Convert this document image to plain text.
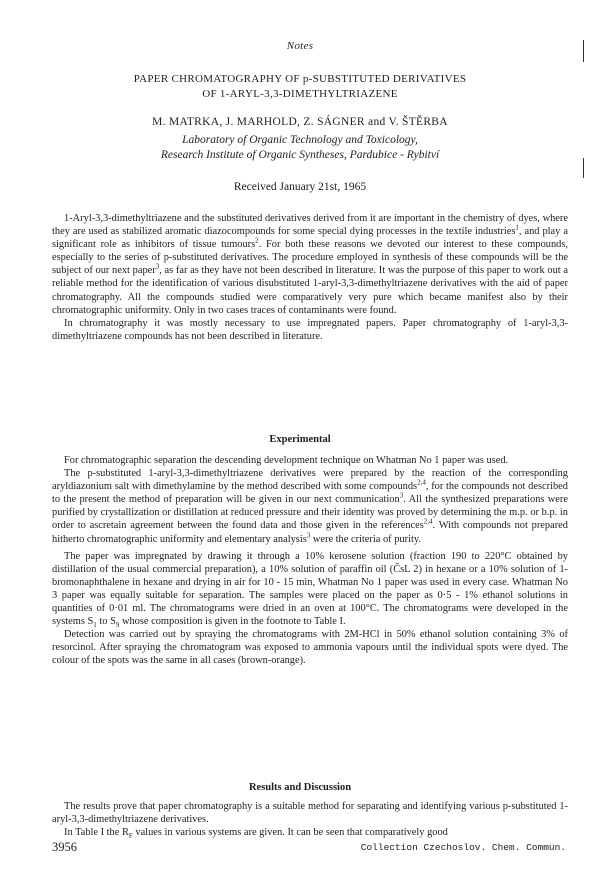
Notes
PAPER CHROMATOGRAPHY OF p-SUBSTITUTED DERIVATIVES
OF 1-ARYL-3,3-DIMETHYLTRIAZENE
M. MATRKA, J. MARHOLD, Z. SÁGNER and V. ŠTĚRBA
Laboratory of Organic Technology and Toxicology,
Research Institute of Organic Syntheses, Pardubice - Rybitví
Received January 21st, 1965

1-Aryl-3,3-dimethyltriazene and the substituted derivatives derived from it are important in the chemistry of dyes, where they are used as stabilized aromatic diazocompounds for some special dying processes in the textile industries$^1$, and play a significant role as inhibitors of tissue tumours$^2$. For both these reasons we devoted our interest to these compounds, especially to the series of p-substituted derivatives. The procedure employed in synthesis of these compounds will be the subject of our next paper$^3$, as far as they have not been described in literature. It was the purpose of this paper to work out a reliable method for the identification of various disubstituted 1-aryl-3,3-dimethyltriazene derivatives with the aid of paper chromatography. All the compounds studied were comparatively very pure which became manifest also by their chromatographic uniformity. Only in two cases traces of contaminants were found.

In chromatography it was mostly necessary to use impregnated papers. Paper chromatography of 1-aryl-3,3-dimethyltriazene compounds has not been described in literature.

Experimental

For chromatographic separation the descending development technique on Whatman No 1 paper was used.

The p-substituted 1-aryl-3,3-dimethyltriazene derivatives were prepared by the reaction of the corresponding aryldiazonium salt with dimethylamine by the method described with some compounds$^{2,4}$, for the compounds not described to the present the method of preparation will be given in our next communication$^3$. All the synthesized preparations were purified by crystallization or distillation at reduced pressure and their identity was proved by determining the m.p. or b.p. in order to ascretain agreement between the found data and those given in the references$^{2,4}$. With compounds not prepared hitherto chromatographic uniformity and elementary analysis$^3$ were the criteria of purity.

The paper was impregnated by drawing it through a 10% kerosene solution (fraction 190 to 220°C obtained by distillation of the usual commercial preparation), a 10% solution of paraffin oil (ČsL 2) in hexane or a 10% solution of 1-bromonaphthalene in hexane and drying in air for 10 - 15 min, Whatman No 1 paper was used in every case. Whatman No 3 paper was equally suitable for separation. The samples were placed on the paper as 0·5 - 1% ethanol solutions in quantities of 0·01 ml. The chromatograms were dried in an oven at 100°C. The chromatograms were developed in the systems $S_1$ to $S_9$ whose composition is given in the footnote to Table I.

Detection was carried out by spraying the chromatograms with 2M-HCl in 50% ethanol solution containing 3% of resorcinol. After spraying the chromatogram was exposed to ammonia vapours until the individual spots were dyed. The colour of the spots was the same in all cases (brown-orange).

Results and Discussion

The results prove that paper chromatography is a suitable method for separating and identifying various p-substituted 1-aryl-3,3-dimethyltriazene derivatives.

In Table I the $R_F$ values in various systems are given. It can be seen that comparatively good

3956	Collection Czechoslov. Chem. Commun.
